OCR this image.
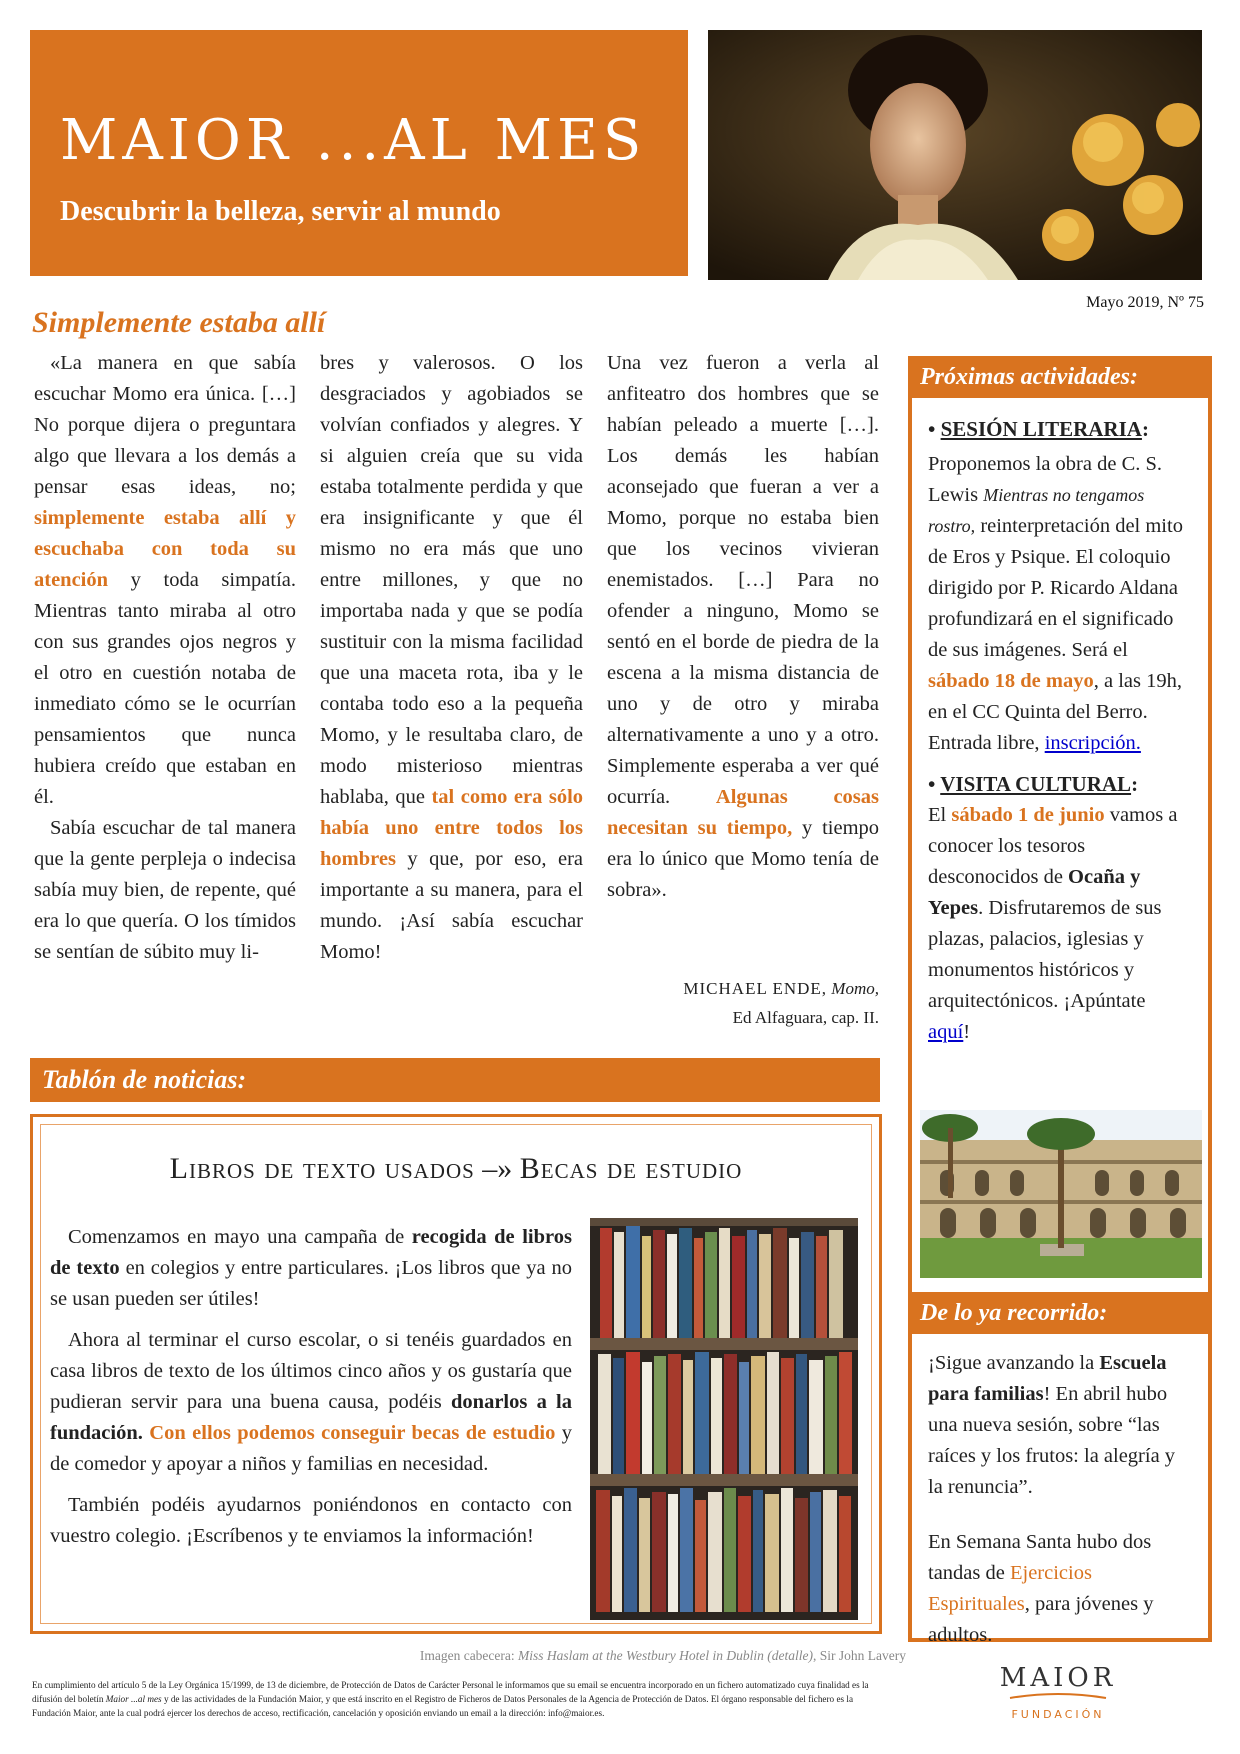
MAIOR ...AL MES
Descubrir la belleza, servir al mundo
Mayo 2019, Nº 75
Simplemente estaba allí

«La manera en que sabía escuchar Momo era única. […] No porque dijera o preguntara algo que llevara a los demás a pensar esas ideas, no; simplemente estaba allí y escuchaba con toda su atención y toda simpatía. Mientras tanto miraba al otro con sus grandes ojos negros y el otro en cuestión notaba de inmediato cómo se le ocurrían pensamientos que nunca hubiera creído que estaban en él.

Sabía escuchar de tal manera que la gente perpleja o indecisa sabía muy bien, de repente, qué era lo que quería. O los tímidos se sentían de súbito muy li-

bres y valerosos. O los desgraciados y agobiados se volvían confiados y alegres. Y si alguien creía que su vida estaba totalmente perdida y que era insignificante y que él mismo no era más que uno entre millones, y que no importaba nada y que se podía sustituir con la misma facilidad que una maceta rota, iba y le contaba todo eso a la pequeña Momo, y le resultaba claro, de modo misterioso mientras hablaba, que tal como era sólo había uno entre todos los hombres y que, por eso, era importante a su manera, para el mundo. ¡Así sabía escuchar Momo!

Una vez fueron a verla al anfiteatro dos hombres que se habían peleado a muerte […]. Los demás les habían aconsejado que fueran a ver a Momo, porque no estaba bien que los vecinos vivieran enemistados. […] Para no ofender a ninguno, Momo se sentó en el borde de piedra de la escena a la misma distancia de uno y de otro y miraba alternativamente a uno y a otro. Simplemente esperaba a ver qué ocurría. Algunas cosas necesitan su tiempo, y tiempo era lo único que Momo tenía de sobra».

MICHAEL ENDE, Momo,
Ed Alfaguara, cap. II.
Próximas actividades:

• SESIÓN LITERARIA:

Proponemos la obra de C. S. Lewis Mientras no tengamos rostro, reinterpretación del mito de Eros y Psique. El coloquio dirigido por P. Ricardo Aldana profundizará en el significado de sus imágenes. Será el sábado 18 de mayo, a las 19h, en el CC Quinta del Berro. Entrada libre, inscripción.

• VISITA CULTURAL:

El sábado 1 de junio vamos a conocer los tesoros desconocidos de Ocaña y Yepes. Disfrutaremos de sus plazas, palacios, iglesias y monumentos históricos y arquitectónicos. ¡Apúntate aquí!

De lo ya recorrido:

¡Sigue avanzando la Escuela para familias! En abril hubo una nueva sesión, sobre “las raíces y los frutos: la alegría y la renuncia”.

En Semana Santa hubo dos tandas de Ejercicios Espirituales, para jóvenes y adultos.

Tablón de noticias:
Libros de texto usados –» Becas de estudio

Comenzamos en mayo una campaña de recogida de libros de texto en colegios y entre particulares. ¡Los libros que ya no se usan pueden ser útiles!

Ahora al terminar el curso escolar, o si tenéis guardados en casa libros de texto de los últimos cinco años y os gustaría que pudieran servir para una buena causa, podéis donarlos a la fundación. Con ellos podemos conseguir becas de estudio y de comedor y apoyar a niños y familias en necesidad.

También podéis ayudarnos poniéndonos en contacto con vuestro colegio. ¡Escríbenos y te enviamos la información!

Imagen cabecera: Miss Haslam at the Westbury Hotel in Dublin (detalle), Sir John Lavery
En cumplimiento del artículo 5 de la Ley Orgánica 15/1999, de 13 de diciembre, de Protección de Datos de Carácter Personal le informamos que su email se encuentra incorporado en un fichero automatizado cuya finalidad es la difusión del boletín Maior ...al mes y de las actividades de la Fundación Maior, y que está inscrito en el Registro de Ficheros de Datos Personales de la Agencia de Protección de Datos. El órgano responsable del fichero es la Fundación Maior, ante la cual podrá ejercer los derechos de acceso, rectificación, cancelación y oposición enviando un email a la dirección: info@maior.es.
MAIOR
FUNDACIÓN
